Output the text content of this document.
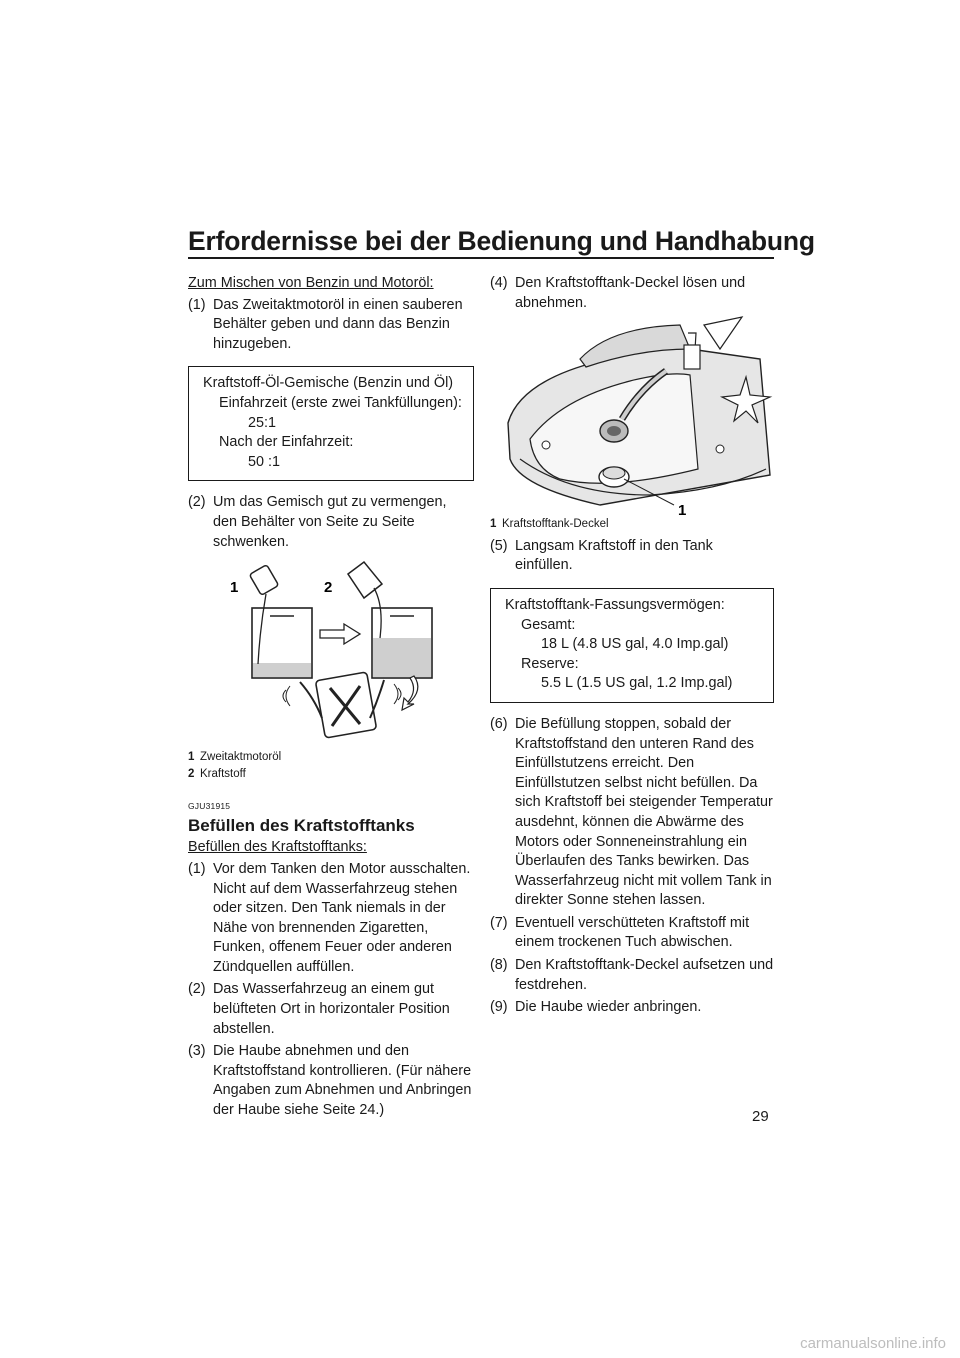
Erfordernisse bei der Bedienung und Handhabung

Zum Mischen von Benzin und Motoröl:

(1) Das Zweitaktmotoröl in einen sauberen Behälter geben und dann das Benzin hinzugeben.
Kraftstoff-Öl-Gemische (Benzin und Öl)
Einfahrzeit (erste zwei Tankfüllungen):
25:1
Nach der Einfahrzeit:
50 :1
(2) Um das Gemisch gut zu vermengen, den Behälter von Seite zu Seite schwenken.
1	2
1 Zweitaktmotoröl
2 Kraftstoff
GJU31915
Befüllen des Kraftstofftanks

Befüllen des Kraftstofftanks:

(1) Vor dem Tanken den Motor ausschalten. Nicht auf dem Wasserfahrzeug stehen oder sitzen. Den Tank niemals in der Nähe von brennenden Zigaretten, Funken, offenem Feuer oder anderen Zündquellen auffüllen.
(2) Das Wasserfahrzeug an einem gut belüfteten Ort in horizontaler Position abstellen.
(3) Die Haube abnehmen und den Kraftstoffstand kontrollieren. (Für nähere Angaben zum Abnehmen und Anbringen der Haube siehe Seite 24.)
(4) Den Kraftstofftank-Deckel lösen und abnehmen.
1
1 Kraftstofftank-Deckel
(5) Langsam Kraftstoff in den Tank einfüllen.
Kraftstofftank-Fassungsvermögen:
Gesamt:
18 L (4.8 US gal, 4.0 Imp.gal)
Reserve:
5.5 L (1.5 US gal, 1.2 Imp.gal)
(6) Die Befüllung stoppen, sobald der Kraftstoffstand den unteren Rand des Einfüllstutzens erreicht. Den Einfüllstutzen selbst nicht befüllen. Da sich Kraftstoff bei steigender Temperatur ausdehnt, können die Abwärme des Motors oder Sonneneinstrahlung ein Überlaufen des Tanks bewirken. Das Wasserfahrzeug nicht mit vollem Tank in direkter Sonne stehen lassen.
(7) Eventuell verschütteten Kraftstoff mit einem trockenen Tuch abwischen.
(8) Den Kraftstofftank-Deckel aufsetzen und festdrehen.
(9) Die Haube wieder anbringen.
29
carmanualsonline.info
